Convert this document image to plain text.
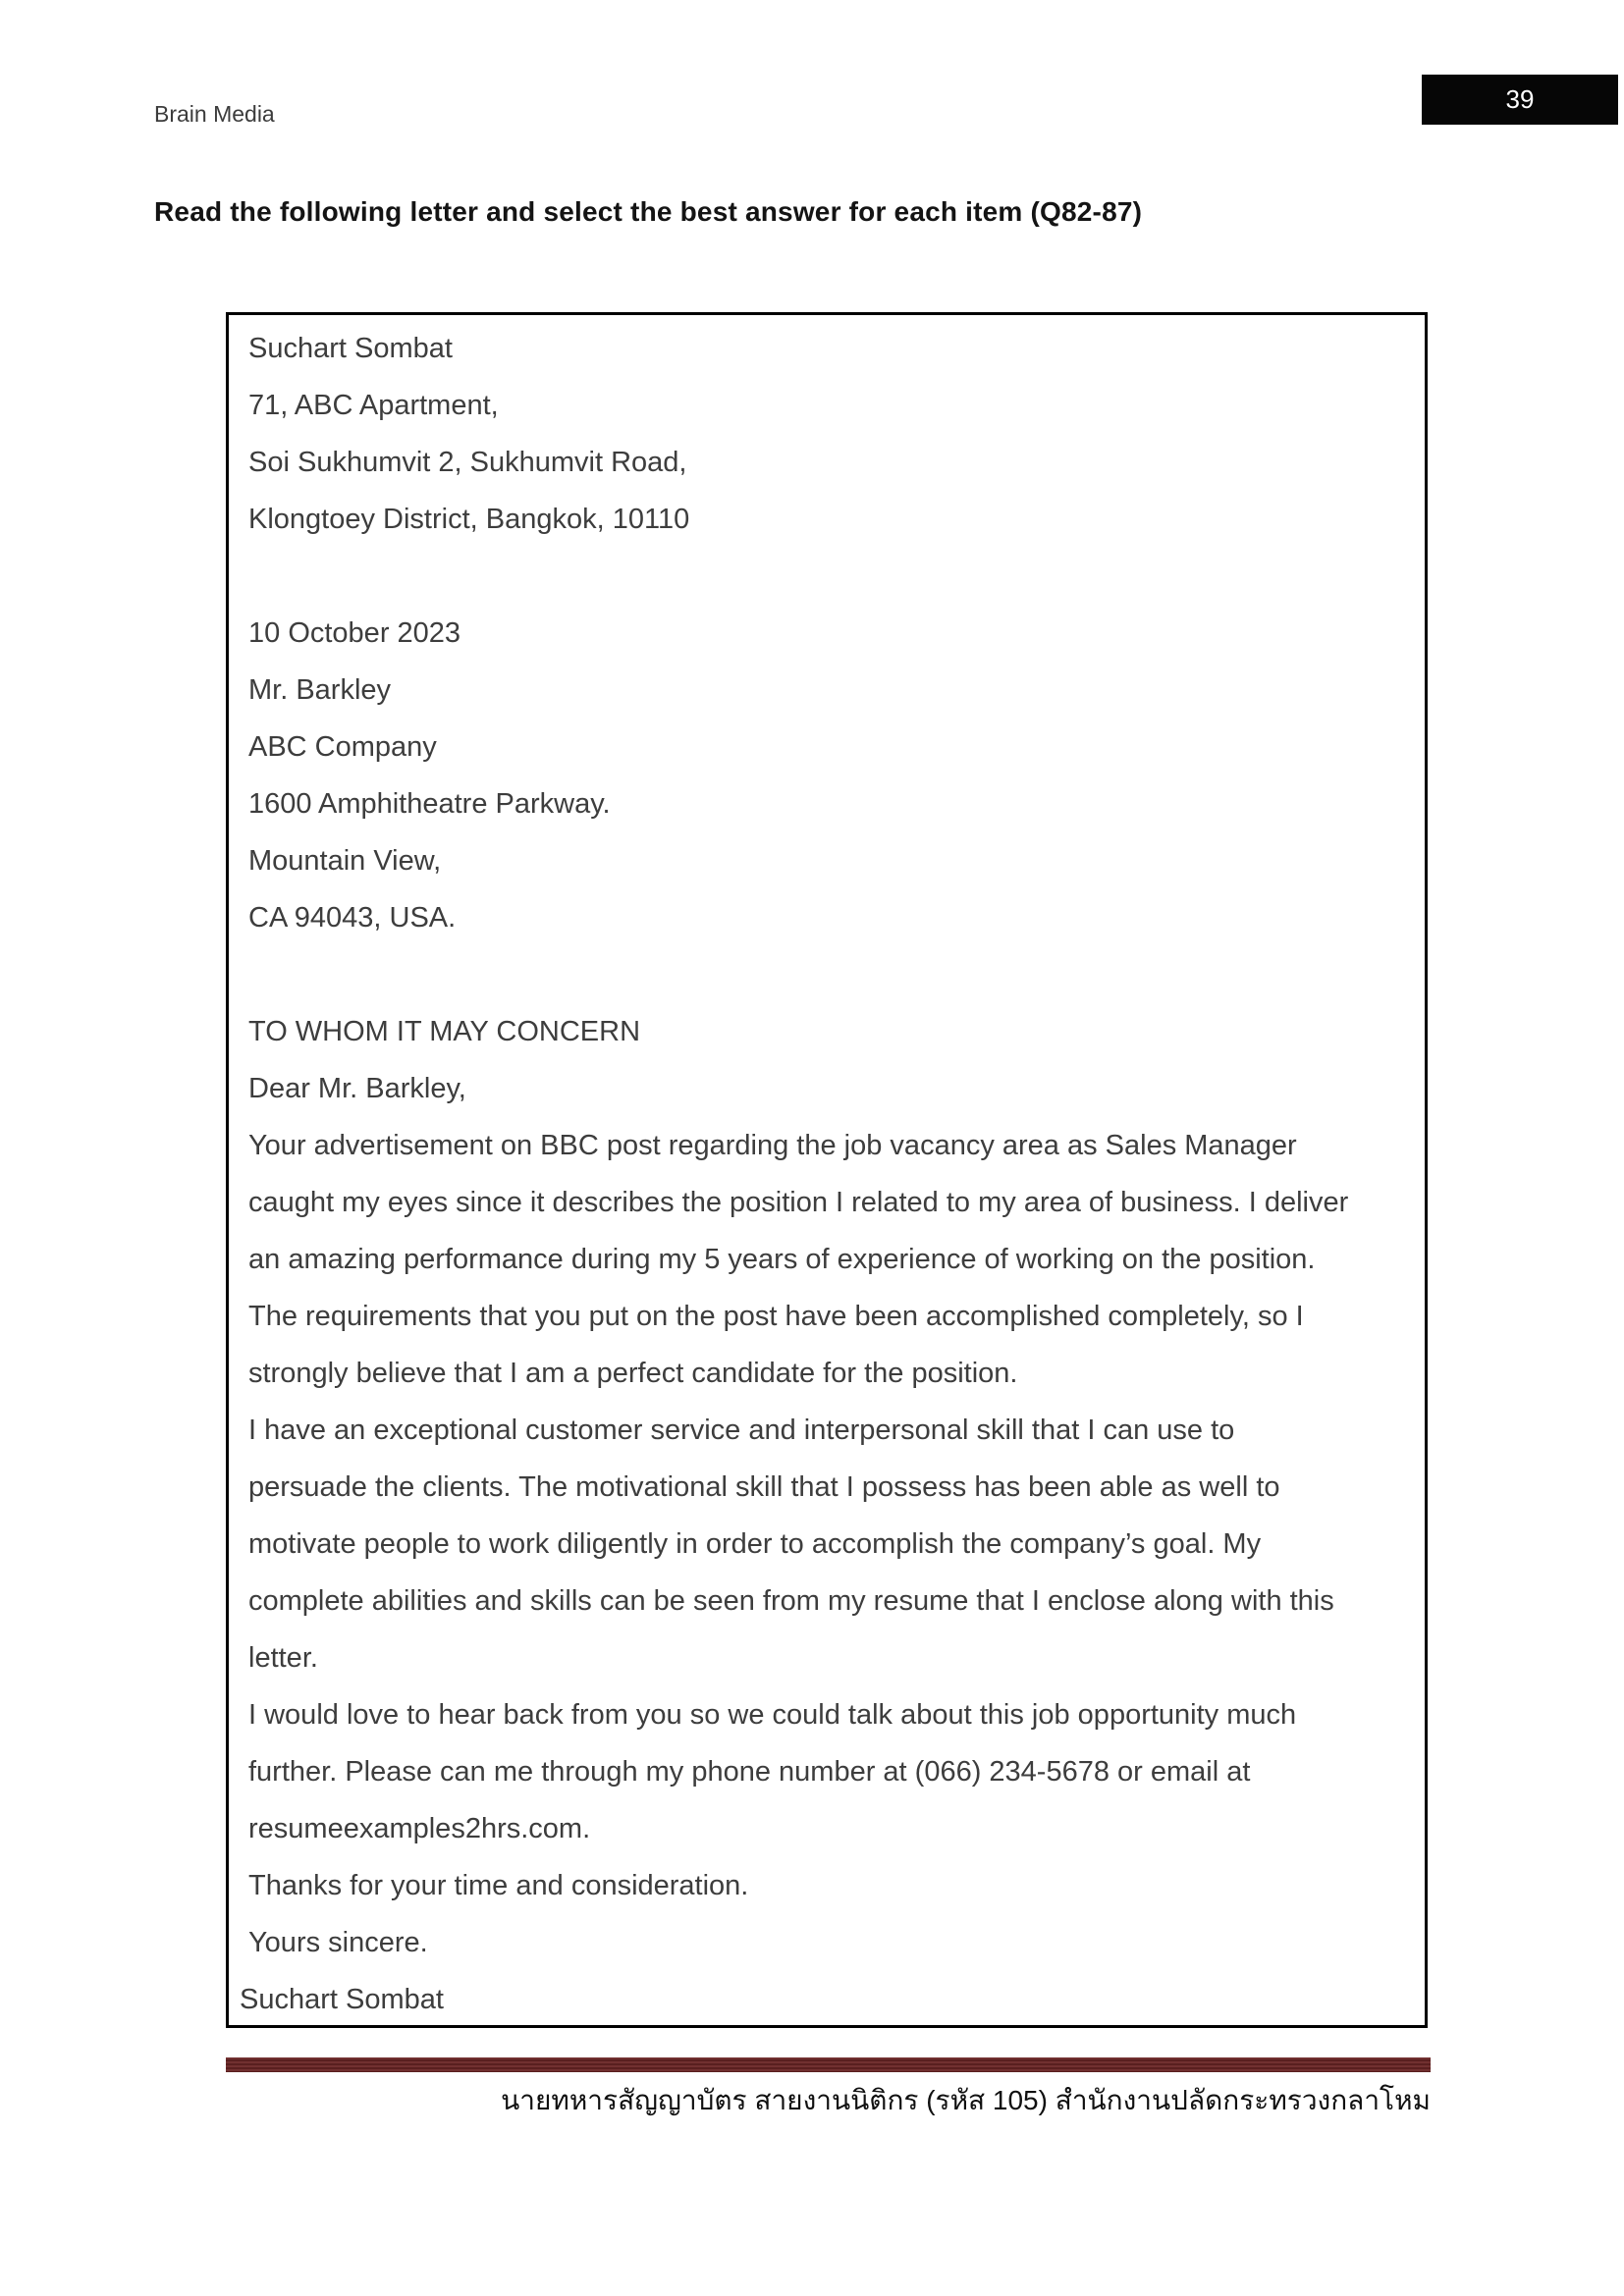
Brain Media	39
Read the following letter and select the best answer for each item (Q82-87)
Suchart Sombat
71, ABC Apartment,
Soi Sukhumvit 2, Sukhumvit Road,
Klongtoey District, Bangkok, 10110

10 October 2023
Mr. Barkley
ABC Company
1600 Amphitheatre Parkway.
Mountain View,
CA 94043, USA.

TO WHOM IT MAY CONCERN
Dear Mr. Barkley,
Your advertisement on BBC post regarding the job vacancy area as Sales Manager
caught my eyes since it describes the position I related to my area of business. I deliver
an amazing performance during my 5 years of experience of working on the position.
The requirements that you put on the post have been accomplished completely, so I
strongly believe that I am a perfect candidate for the position.
I have an exceptional customer service and interpersonal skill that I can use to
persuade the clients. The motivational skill that I possess has been able as well to
motivate people to work diligently in order to accomplish the company’s goal. My
complete abilities and skills can be seen from my resume that I enclose along with this
letter.
I would love to hear back from you so we could talk about this job opportunity much
further. Please can me through my phone number at (066) 234-5678 or email at
resumeexamples2hrs.com.
Thanks for your time and consideration.
Yours sincere.
Suchart Sombat
นายทหารสัญญาบัตร สายงานนิติกร (รหัส 105) สำนักงานปลัดกระทรวงกลาโหม
